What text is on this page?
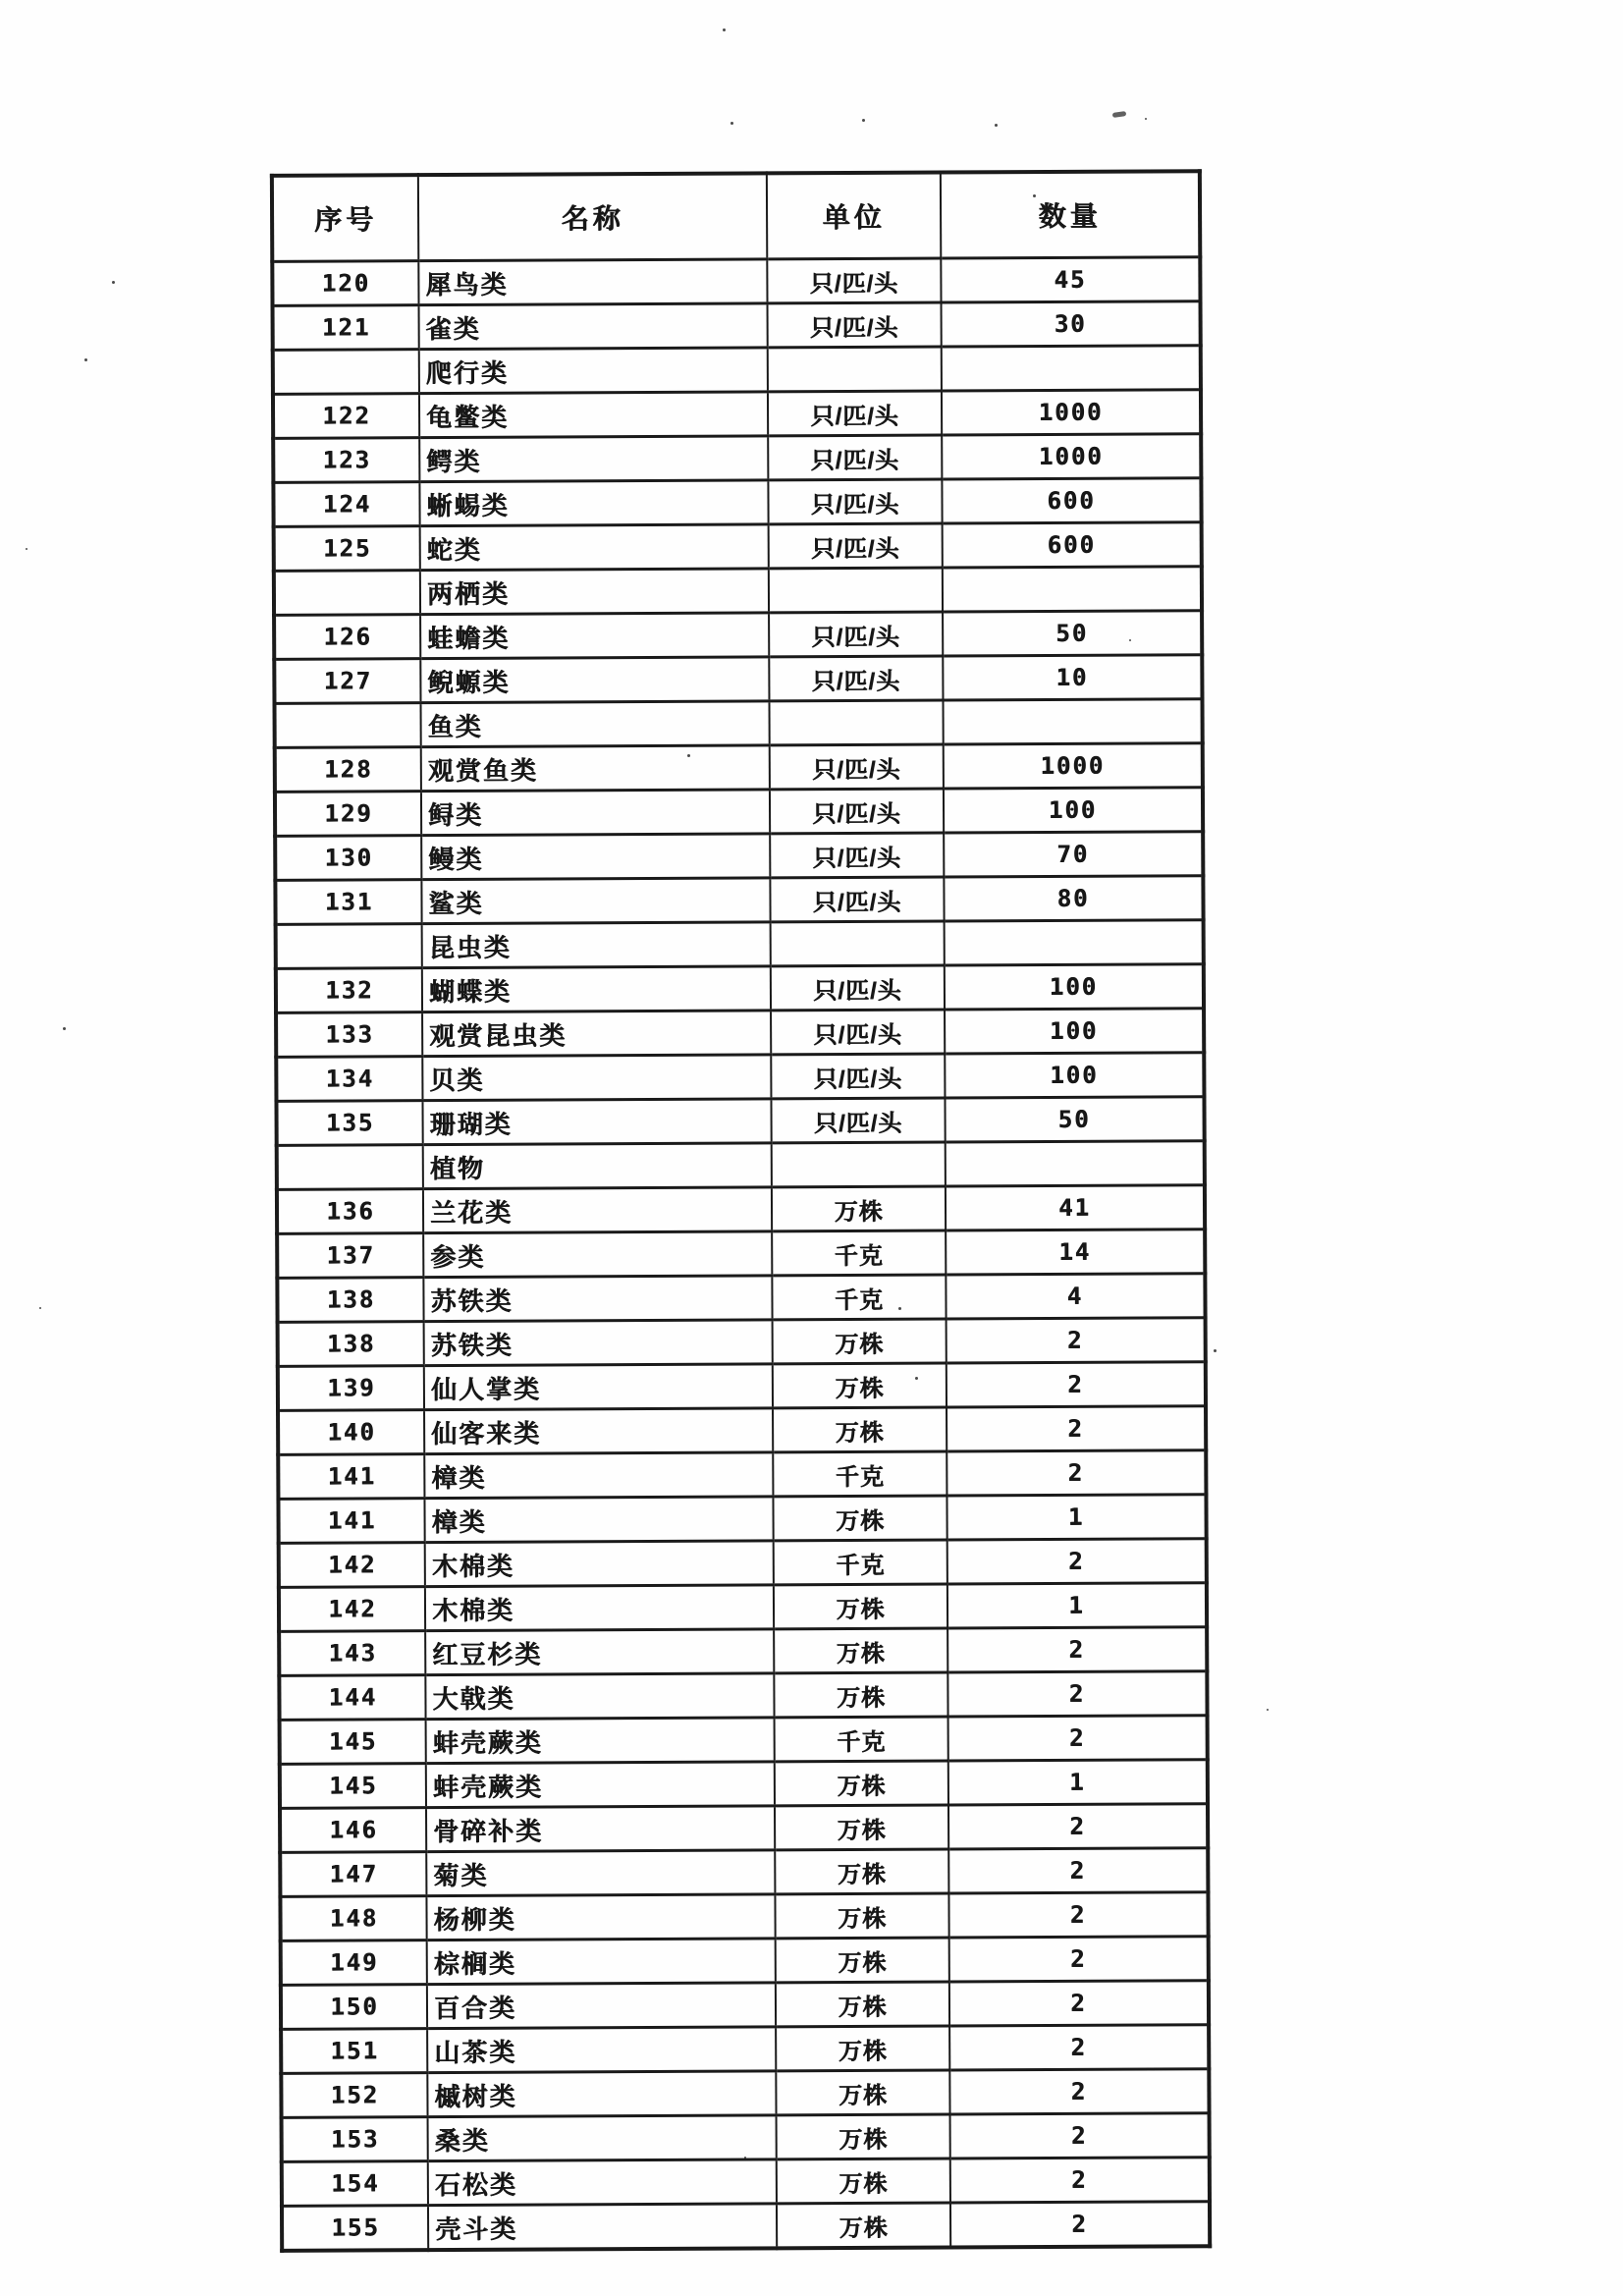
序号	名称	单位	数量
120	犀鸟类	只/匹/头	45
121	雀类	只/匹/头	30
	爬行类		
122	龟鳖类	只/匹/头	1000
123	鳄类	只/匹/头	1000
124	蜥蜴类	只/匹/头	600
125	蛇类	只/匹/头	600
	两栖类		
126	蛙蟾类	只/匹/头	50
127	鲵螈类	只/匹/头	10
	鱼类		
128	观赏鱼类	只/匹/头	1000
129	鲟类	只/匹/头	100
130	鳗类	只/匹/头	70
131	鲨类	只/匹/头	80
	昆虫类		
132	蝴蝶类	只/匹/头	100
133	观赏昆虫类	只/匹/头	100
134	贝类	只/匹/头	100
135	珊瑚类	只/匹/头	50
	植物		
136	兰花类	万株	41
137	参类	千克	14
138	苏铁类	千克	4
138	苏铁类	万株	2
139	仙人掌类	万株	2
140	仙客来类	万株	2
141	樟类	千克	2
141	樟类	万株	1
142	木棉类	千克	2
142	木棉类	万株	1
143	红豆杉类	万株	2
144	大戟类	万株	2
145	蚌壳蕨类	千克	2
145	蚌壳蕨类	万株	1
146	骨碎补类	万株	2
147	菊类	万株	2
148	杨柳类	万株	2
149	棕榈类	万株	2
150	百合类	万株	2
151	山茶类	万株	2
152	槭树类	万株	2
153	桑类	万株	2
154	石松类	万株	2
155	壳斗类	万株	2
